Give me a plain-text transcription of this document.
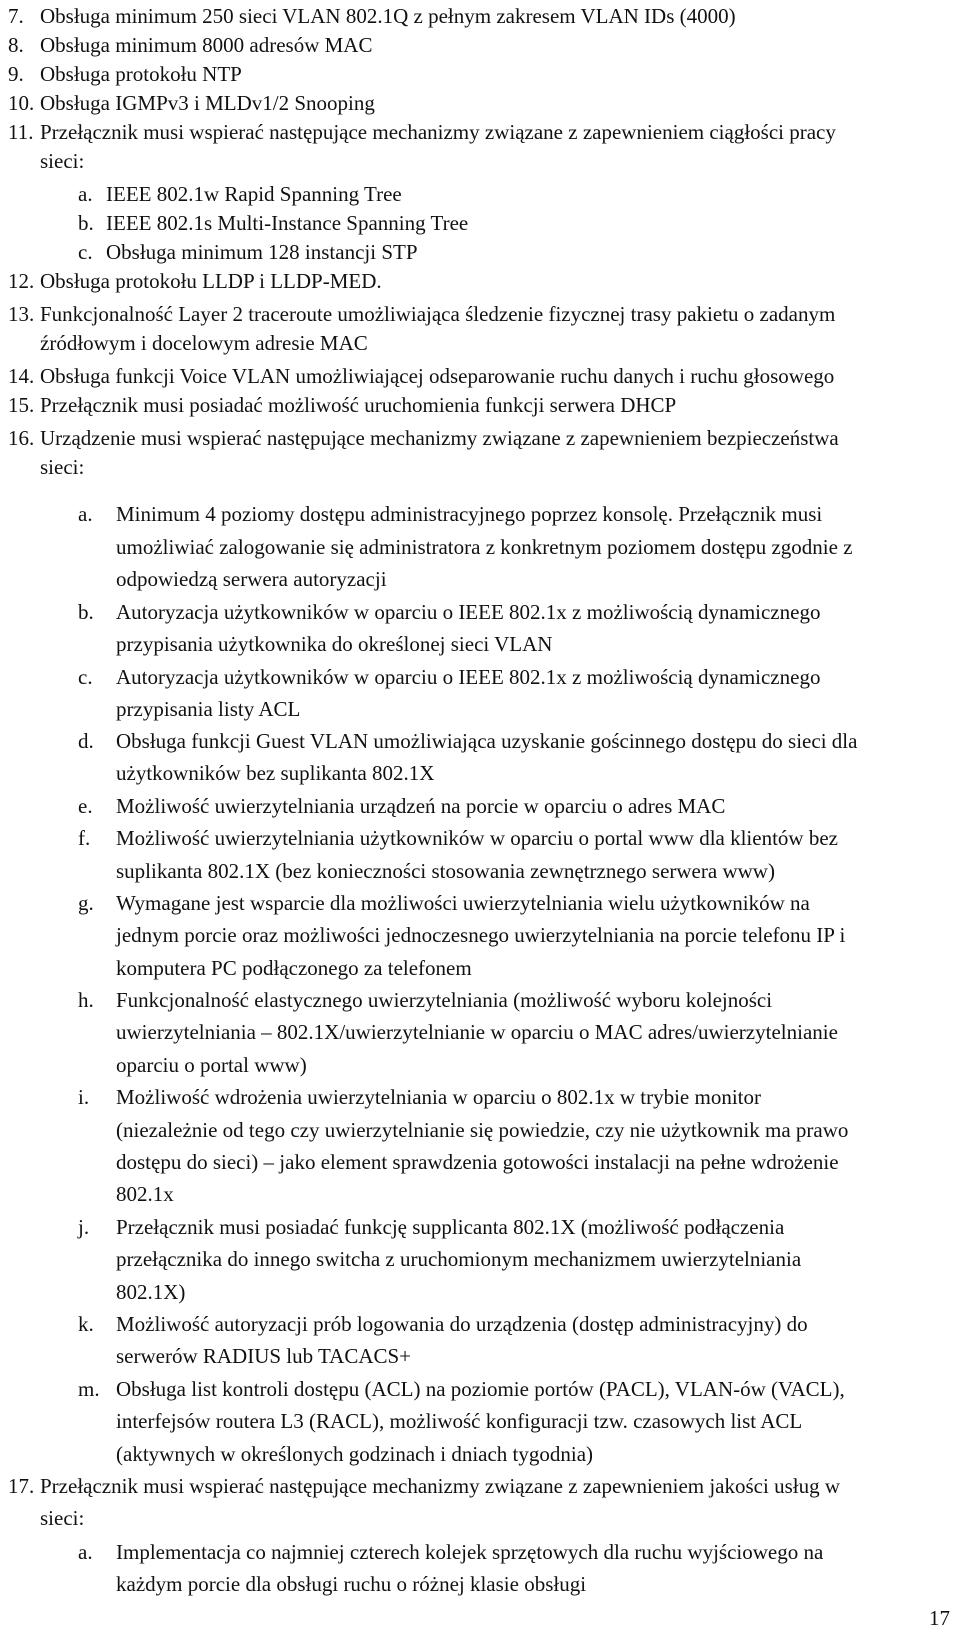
7. Obsługa minimum 250 sieci VLAN 802.1Q z pełnym zakresem VLAN IDs (4000)
8. Obsługa minimum 8000 adresów MAC
9. Obsługa protokołu NTP
10. Obsługa IGMPv3 i MLDv1/2 Snooping
11. Przełącznik musi wspierać następujące mechanizmy związane z zapewnieniem ciągłości pracy
sieci:
a. IEEE 802.1w Rapid Spanning Tree
b. IEEE 802.1s Multi-Instance Spanning Tree
c. Obsługa minimum 128 instancji STP
12. Obsługa protokołu LLDP i LLDP-MED.
13. Funkcjonalność Layer 2 traceroute umożliwiająca śledzenie fizycznej trasy pakietu o zadanym
źródłowym i docelowym adresie MAC
14. Obsługa funkcji Voice VLAN umożliwiającej odseparowanie ruchu danych i ruchu głosowego
15. Przełącznik musi posiadać możliwość uruchomienia funkcji serwera DHCP
16. Urządzenie musi wspierać następujące mechanizmy związane z zapewnieniem bezpieczeństwa
sieci:
a.	Minimum 4 poziomy dostępu administracyjnego poprzez konsolę. Przełącznik musi
umożliwiać zalogowanie się administratora z konkretnym poziomem dostępu zgodnie z
odpowiedzą serwera autoryzacji
b.	Autoryzacja użytkowników w oparciu o IEEE 802.1x z możliwością dynamicznego
przypisania użytkownika do określonej sieci VLAN
c.	Autoryzacja użytkowników w oparciu o IEEE 802.1x z możliwością dynamicznego
przypisania listy ACL
d.	Obsługa funkcji Guest VLAN umożliwiająca uzyskanie gościnnego dostępu do sieci dla
użytkowników bez suplikanta 802.1X
e.	Możliwość uwierzytelniania urządzeń na porcie w oparciu o adres MAC
f.	Możliwość uwierzytelniania użytkowników w oparciu o portal www dla klientów bez
suplikanta 802.1X (bez konieczności stosowania zewnętrznego serwera www)
g.	Wymagane jest wsparcie dla możliwości uwierzytelniania wielu użytkowników na
jednym porcie oraz możliwości jednoczesnego uwierzytelniania na porcie telefonu IP i
komputera PC podłączonego za telefonem
h.	Funkcjonalność elastycznego uwierzytelniania (możliwość wyboru kolejności
uwierzytelniania – 802.1X/uwierzytelnianie w oparciu o MAC adres/uwierzytelnianie
oparciu o portal www)
i.	Możliwość wdrożenia uwierzytelniania w oparciu o 802.1x w trybie monitor
(niezależnie od tego czy uwierzytelnianie się powiedzie, czy nie użytkownik ma prawo
dostępu do sieci) – jako element sprawdzenia gotowości instalacji na pełne wdrożenie
802.1x
j.	Przełącznik musi posiadać funkcję supplicanta 802.1X (możliwość podłączenia
przełącznika do innego switcha z uruchomionym mechanizmem uwierzytelniania
802.1X)
k.	Możliwość autoryzacji prób logowania do urządzenia (dostęp administracyjny) do
serwerów RADIUS lub TACACS+
m. Obsługa list kontroli dostępu (ACL) na poziomie portów (PACL), VLAN-ów (VACL),
interfejsów routera L3 (RACL), możliwość konfiguracji tzw. czasowych list ACL
(aktywnych w określonych godzinach i dniach tygodnia)
17. Przełącznik musi wspierać następujące mechanizmy związane z zapewnieniem jakości usług w
sieci:
a.	Implementacja co najmniej czterech kolejek sprzętowych dla ruchu wyjściowego na
każdym porcie dla obsługi ruchu o różnej klasie obsługi
17
